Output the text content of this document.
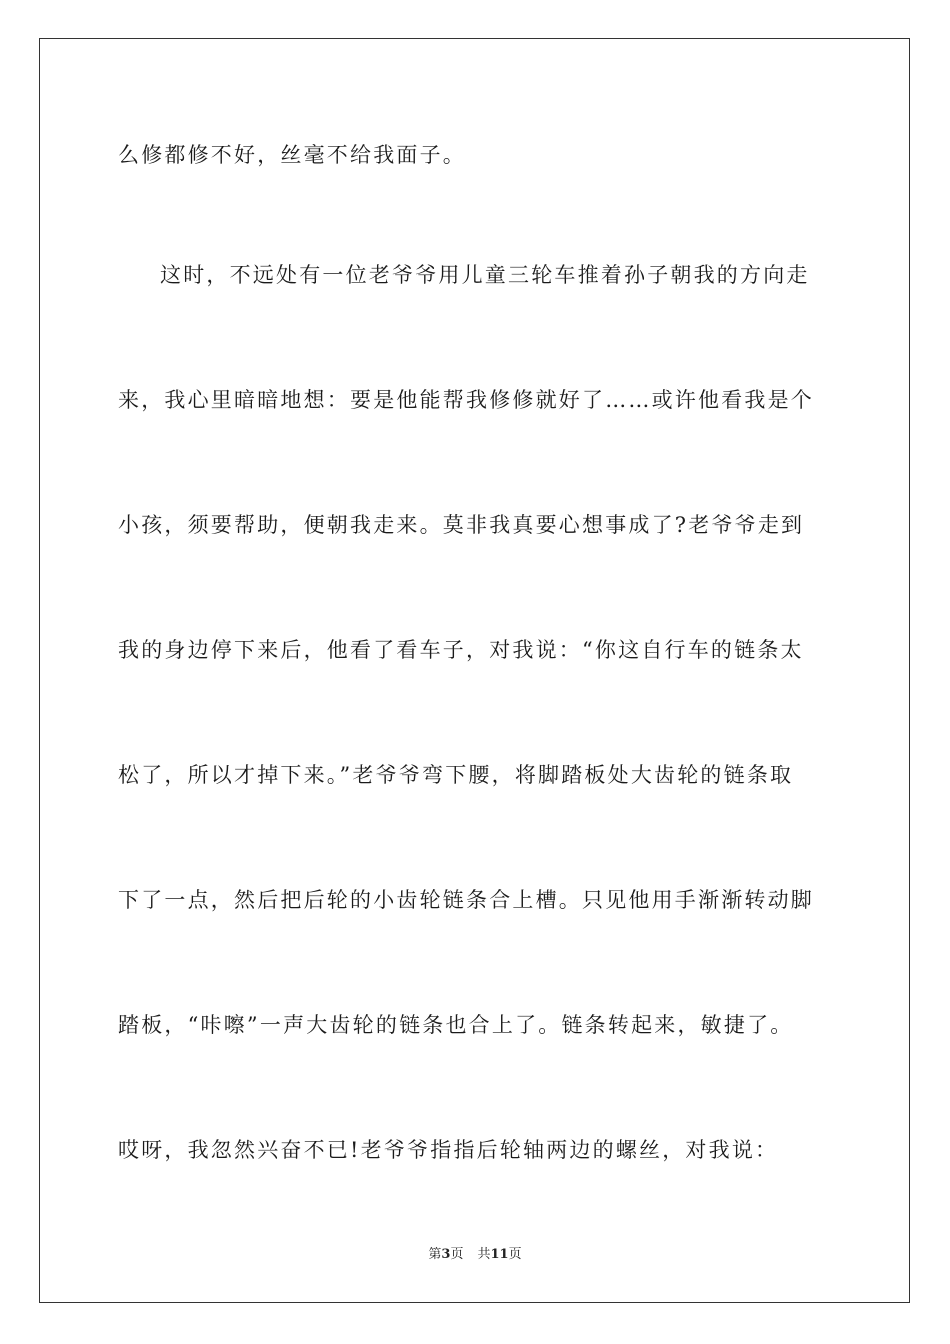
么修都修不好，丝毫不给我面子。
这时，不远处有一位老爷爷用儿童三轮车推着孙子朝我的方向走
来，我心里暗暗地想：要是他能帮我修修就好了……或许他看我是个
小孩，须要帮助，便朝我走来。莫非我真要心想事成了?老爷爷走到
我的身边停下来后，他看了看车子，对我说：“你这自行车的链条太
松了，所以才掉下来。”老爷爷弯下腰，将脚踏板处大齿轮的链条取
下了一点，然后把后轮的小齿轮链条合上槽。只见他用手渐渐转动脚
踏板，“咔嚓”一声大齿轮的链条也合上了。链条转起来，敏捷了。
哎呀，我忽然兴奋不已!老爷爷指指后轮轴两边的螺丝，对我说：
第3页 共11页
